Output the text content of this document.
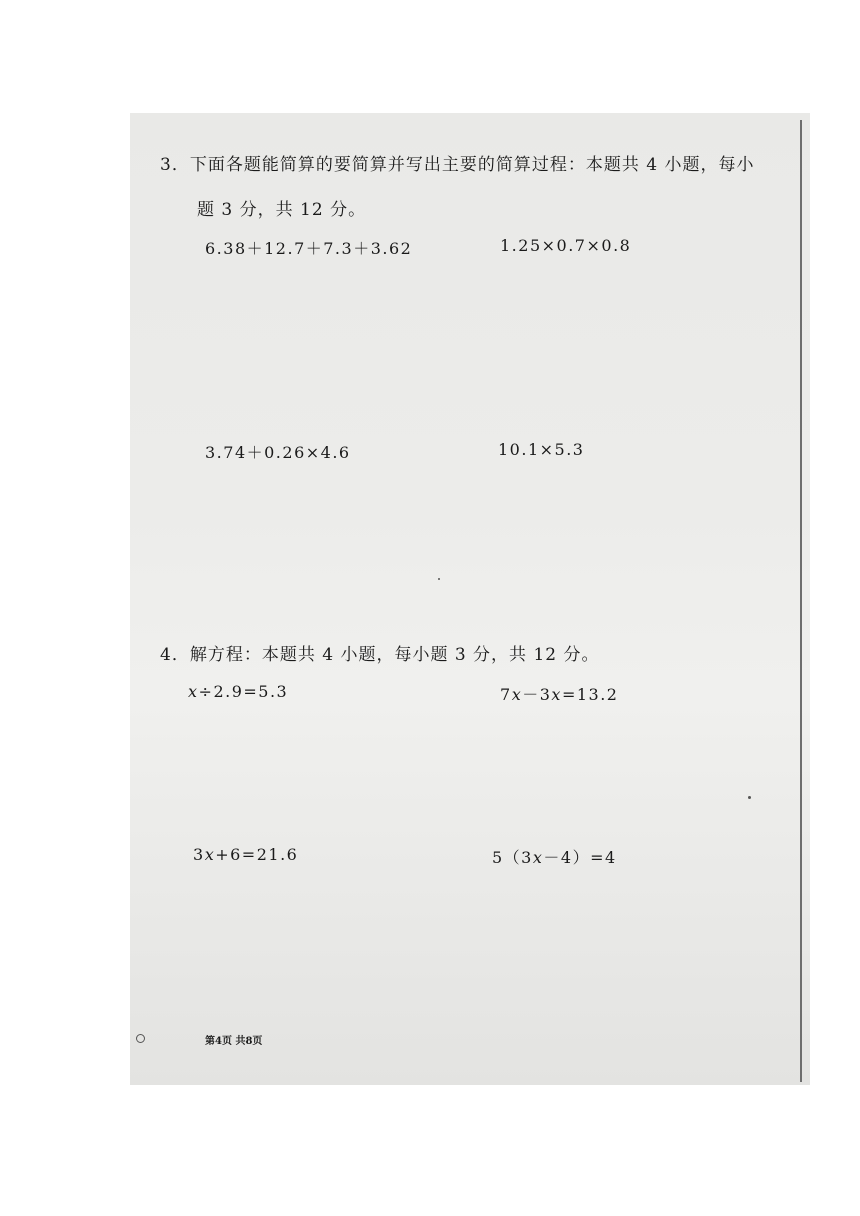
3．下面各题能简算的要简算并写出主要的简算过程：本题共 4 小题，每小
题 3 分，共 12 分。
6.38＋12.7＋7.3＋3.62	1.25×0.7×0.8
3.74＋0.26×4.6	10.1×5.3
4．解方程：本题共 4 小题，每小题 3 分，共 12 分。
x÷2.9=5.3	7x－3x=13.2
3x+6=21.6	5（3x－4）=4
第4页 共8页
